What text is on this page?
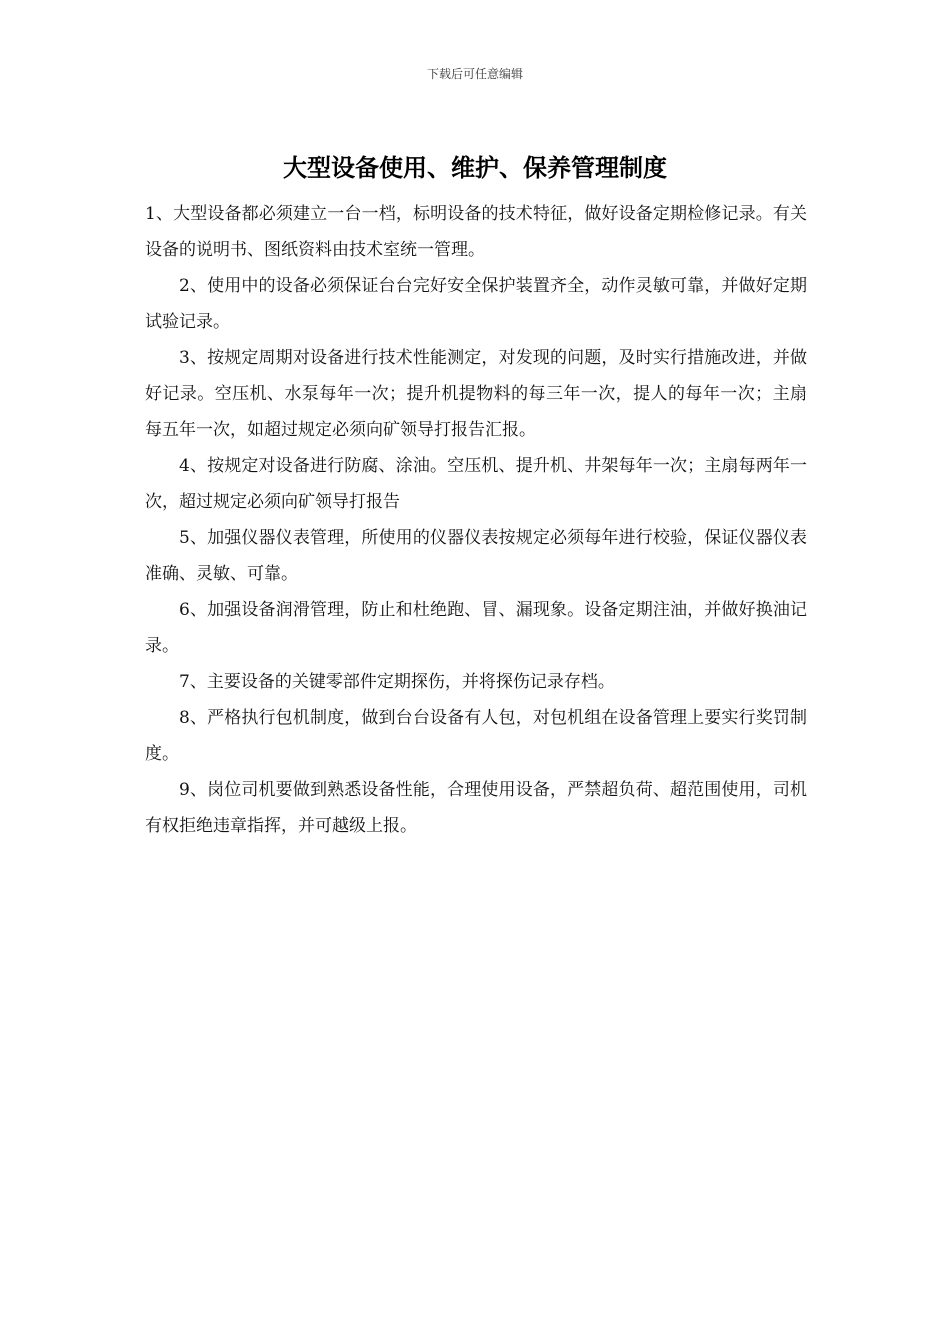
下载后可任意编辑
大型设备使用、维护、保养管理制度

1、大型设备都必须建立一台一档，标明设备的技术特征，做好设备定期检修记录。有关设备的说明书、图纸资料由技术室统一管理。

2、使用中的设备必须保证台台完好安全保护装置齐全，动作灵敏可靠，并做好定期试验记录。

3、按规定周期对设备进行技术性能测定，对发现的问题，及时实行措施改进，并做好记录。空压机、水泵每年一次；提升机提物料的每三年一次，提人的每年一次；主扇每五年一次，如超过规定必须向矿领导打报告汇报。

4、按规定对设备进行防腐、涂油。空压机、提升机、井架每年一次；主扇每两年一次，超过规定必须向矿领导打报告

5、加强仪器仪表管理，所使用的仪器仪表按规定必须每年进行校验，保证仪器仪表准确、灵敏、可靠。

6、加强设备润滑管理，防止和杜绝跑、冒、漏现象。设备定期注油，并做好换油记录。

7、主要设备的关键零部件定期探伤，并将探伤记录存档。

8、严格执行包机制度，做到台台设备有人包，对包机组在设备管理上要实行奖罚制度。

9、岗位司机要做到熟悉设备性能，合理使用设备，严禁超负荷、超范围使用，司机有权拒绝违章指挥，并可越级上报。
